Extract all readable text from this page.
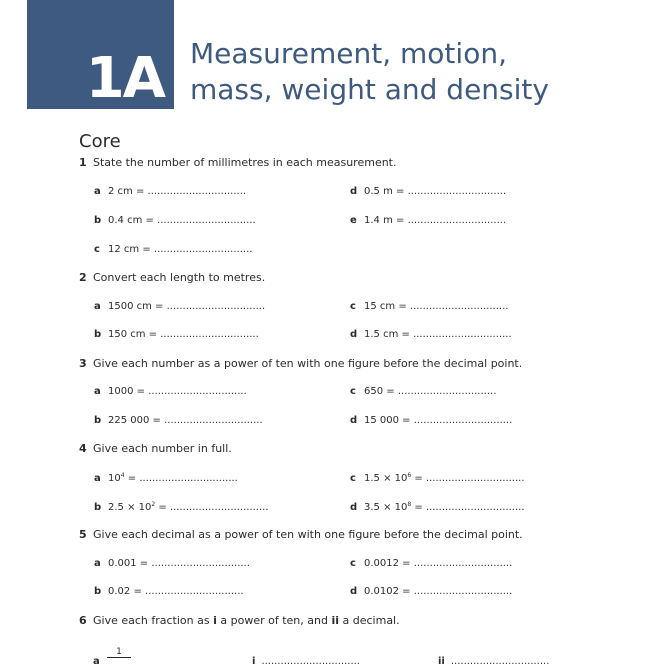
1A Measurement, motion,
mass, weight and density
Core
1 State the number of millimetres in each measurement.
a 2 cm = ...............................	d 0.5 m = ...............................
b 0.4 cm = ...............................	e 1.4 m = ...............................
c 12 cm = ...............................
2 Convert each length to metres.
a 1500 cm = ...............................	c 15 cm = ...............................
b 150 cm = ...............................	d 1.5 cm = ...............................
3 Give each number as a power of ten with one figure before the decimal point.
a 1000 = ...............................	c 650 = ...............................
b 225 000 = ...............................	d 15 000 = ...............................
4 Give each number in full.
a $10^4$ = ...............................	c $1.5 \times 10^6$ = ...............................
b $2.5 \times 10^2$ = ...............................	d $3.5 \times 10^8$ = ...............................
5 Give each decimal as a power of ten with one figure before the decimal point.
a 0.001 = ...............................	c 0.0012 = ...............................
b 0.02 = ...............................	d 0.0102 = ...............................
6 Give each fraction as i a power of ten, and ii a decimal.
a
1
i ...............................	ii ...............................
